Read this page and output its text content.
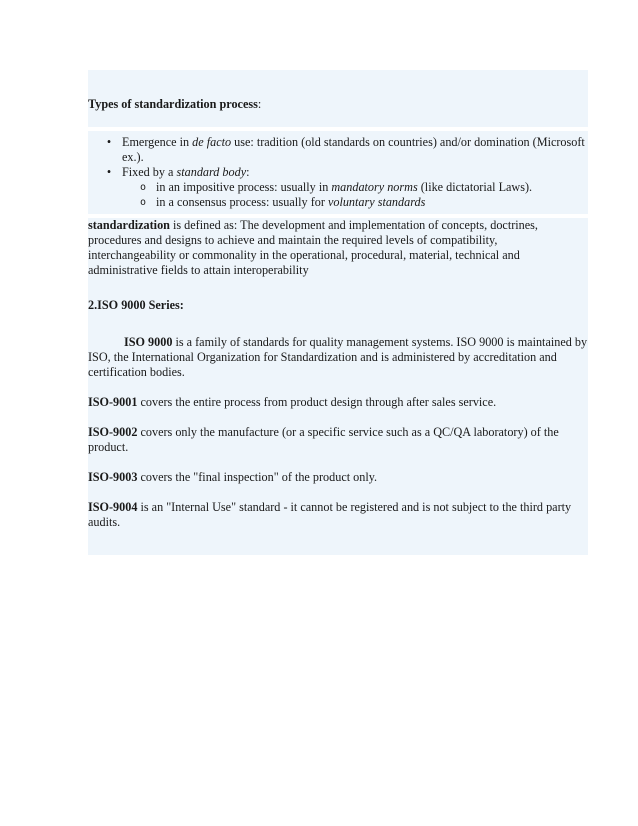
Types of standardization process:

• Emergence in de facto use: tradition (old standards on countries) and/or domination (Microsoft ex.).
• Fixed by a standard body:
o in an impositive process: usually in mandatory norms (like dictatorial Laws).
o in a consensus process: usually for voluntary standards

standardization is defined as: The development and implementation of concepts, doctrines, procedures and designs to achieve and maintain the required levels of compatibility, interchangeability or commonality in the operational, procedural, material, technical and administrative fields to attain interoperability

2.ISO 9000 Series:

ISO 9000 is a family of standards for quality management systems. ISO 9000 is maintained by ISO, the International Organization for Standardization and is administered by accreditation and certification bodies.

ISO-9001 covers the entire process from product design through after sales service.

ISO-9002 covers only the manufacture (or a specific service such as a QC/QA laboratory) of the product.

ISO-9003 covers the "final inspection" of the product only.

ISO-9004 is an "Internal Use" standard - it cannot be registered and is not subject to the third party audits.
